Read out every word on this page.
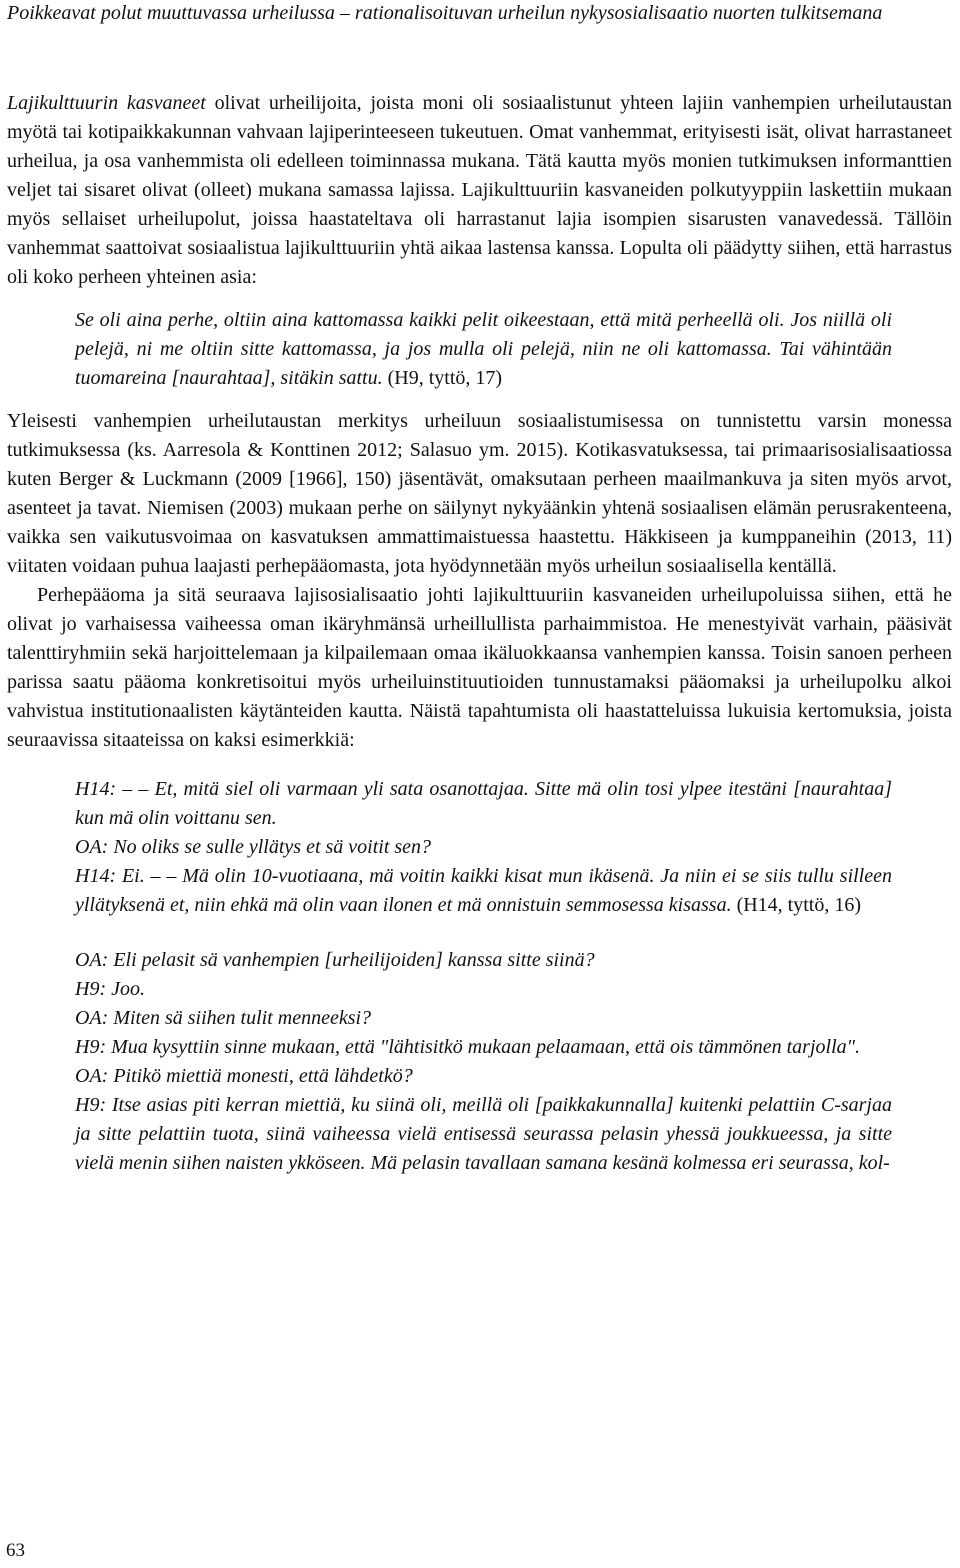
Poikkeavat polut muuttuvassa urheilussa – rationalisoituvan urheilun nykysosialisaatio nuorten tulkitsemana

Lajikulttuurin kasvaneet olivat urheilijoita, joista moni oli sosiaalistunut yhteen lajiin vanhempien urheilutaustan myötä tai kotipaikkakunnan vahvaan lajiperinteeseen tukeutuen. Omat vanhemmat, erityisesti isät, olivat harrastaneet urheilua, ja osa vanhemmista oli edelleen toiminnassa mukana. Tätä kautta myös monien tutkimuksen informanttien veljet tai sisaret olivat (olleet) mukana samassa lajissa. Lajikulttuuriin kasvaneiden polkutyyppiin laskettiin mukaan myös sellaiset urheilupolut, joissa haastateltava oli harrastanut lajia isompien sisarusten vanavedessä. Tällöin vanhemmat saattoivat sosiaalistua lajikulttuuriin yhtä aikaa lastensa kanssa. Lopulta oli päädytty siihen, että harrastus oli koko perheen yhteinen asia:

Se oli aina perhe, oltiin aina kattomassa kaikki pelit oikeestaan, että mitä perheellä oli. Jos niillä oli pelejä, ni me oltiin sitte kattomassa, ja jos mulla oli pelejä, niin ne oli kattomassa. Tai vähintään tuomareina [naurahtaa], sitäkin sattu. (H9, tyttö, 17)

Yleisesti vanhempien urheilutaustan merkitys urheiluun sosiaalistumisessa on tunnistettu varsin monessa tutkimuksessa (ks. Aarresola & Konttinen 2012; Salasuo ym. 2015). Kotikasvatuksessa, tai primaarisosialisaatiossa kuten Berger & Luckmann (2009 [1966], 150) jäsentävät, omaksutaan perheen maailmankuva ja siten myös arvot, asenteet ja tavat. Niemisen (2003) mukaan perhe on säilynyt nykyäänkin yhtenä sosiaalisen elämän perusrakenteena, vaikka sen vaikutusvoimaa on kasvatuksen ammattimaistuessa haastettu. Häkkiseen ja kumppaneihin (2013, 11) viitaten voidaan puhua laajasti perhepääomasta, jota hyödynnetään myös urheilun sosiaalisella kentällä.

Perhepääoma ja sitä seuraava lajisosialisaatio johti lajikulttuuriin kasvaneiden urheilupoluissa siihen, että he olivat jo varhaisessa vaiheessa oman ikäryhmänsä urheillullista parhaimmistoa. He menestyivät varhain, pääsivät talenttiryhmiin sekä harjoittelemaan ja kilpailemaan omaa ikäluokkaansa vanhempien kanssa. Toisin sanoen perheen parissa saatu pääoma konkretisoitui myös urheiluinstituutioiden tunnustamaksi pääomaksi ja urheilupolku alkoi vahvistua institutionaalisten käytänteiden kautta. Näistä tapahtumista oli haastatteluissa lukuisia kertomuksia, joista seuraavissa sitaateissa on kaksi esimerkkiä:

H14: – – Et, mitä siel oli varmaan yli sata osanottajaa. Sitte mä olin tosi ylpee itestäni [naurahtaa] kun mä olin voittanu sen.
OA: No oliks se sulle yllätys et sä voitit sen?
H14: Ei. – – Mä olin 10-vuotiaana, mä voitin kaikki kisat mun ikäsenä. Ja niin ei se siis tullu silleen yllätyksenä et, niin ehkä mä olin vaan ilonen et mä onnistuin semmosessa kisassa. (H14, tyttö, 16)
OA: Eli pelasit sä vanhempien [urheilijoiden] kanssa sitte siinä?
H9: Joo.
OA: Miten sä siihen tulit menneeksi?
H9: Mua kysyttiin sinne mukaan, että "lähtisitkö mukaan pelaamaan, että ois tämmönen tarjolla".
OA: Pitikö miettiä monesti, että lähdetkö?
H9: Itse asias piti kerran miettiä, ku siinä oli, meillä oli [paikkakunnalla] kuitenki pelattiin C-sarjaa ja sitte pelattiin tuota, siinä vaiheessa vielä entisessä seurassa pelasin yhessä joukkueessa, ja sitte vielä menin siihen naisten ykköseen. Mä pelasin tavallaan samana kesänä kolmessa eri seurassa, kol-
63
